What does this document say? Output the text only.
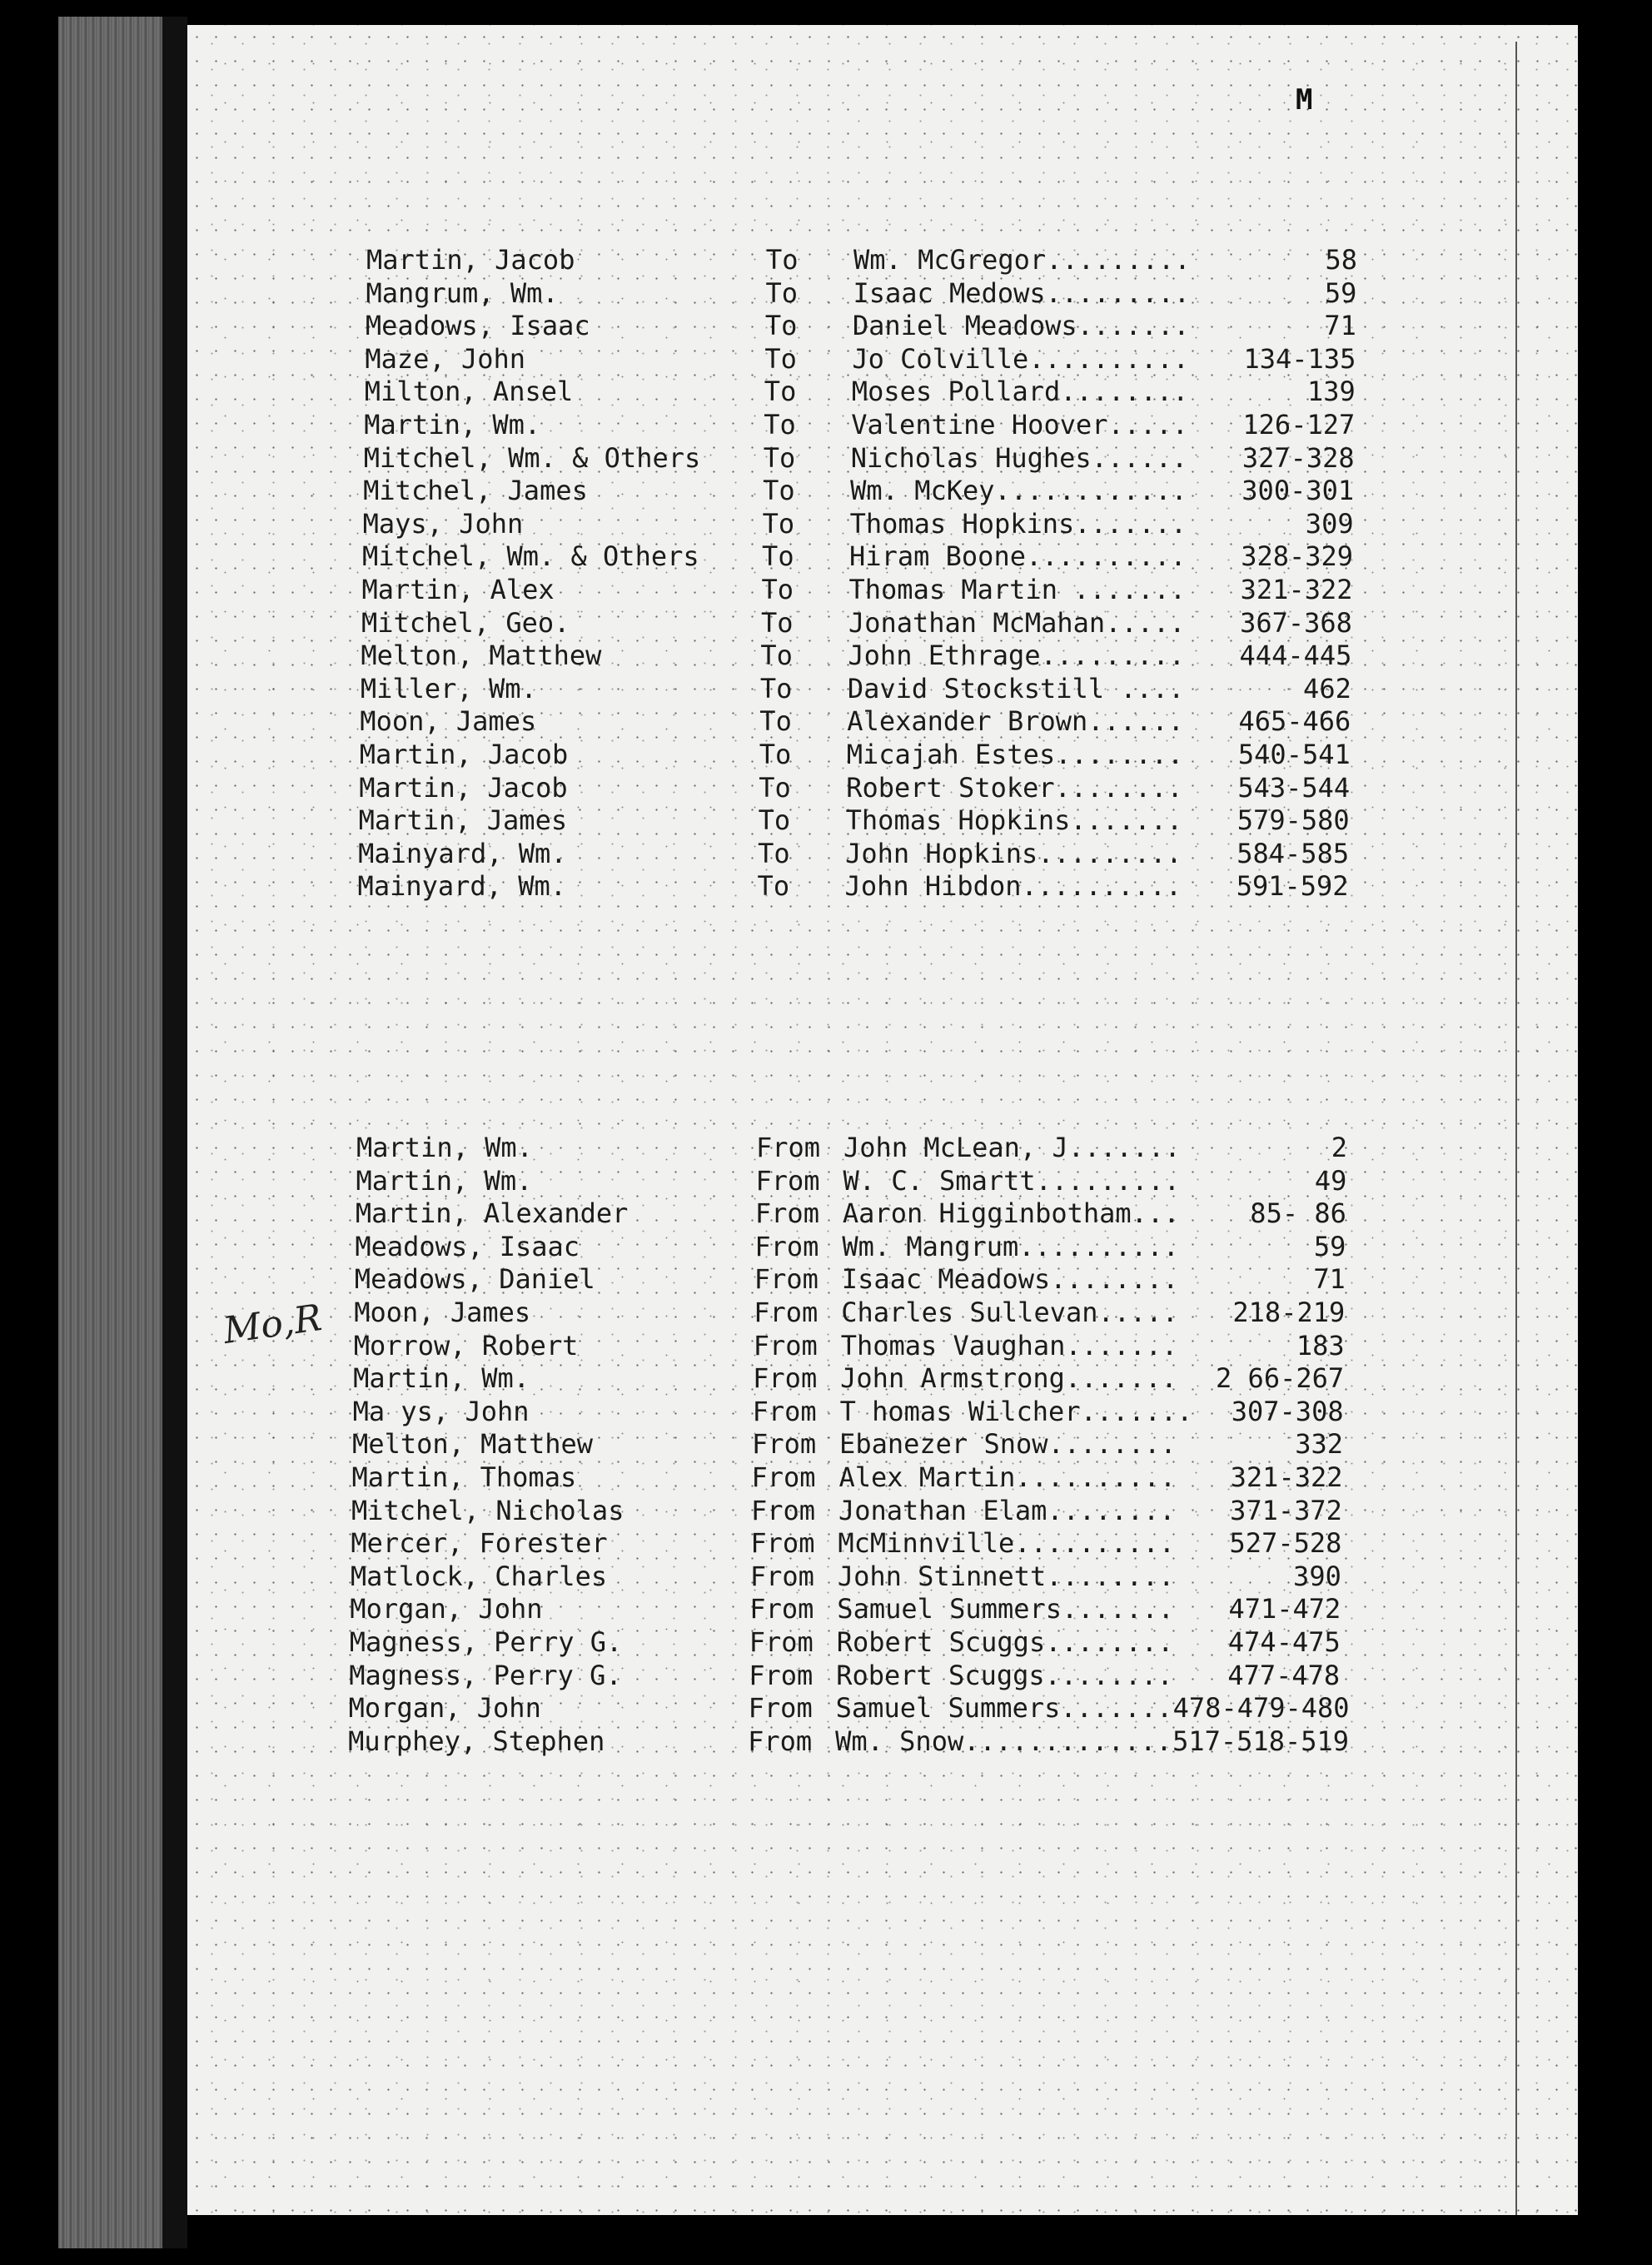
M
Martin, Jacob	To Wm. McGregor.........	58
Mangrum, Wm.	To Isaac Medows.........	59
Meadows, Isaac	To Daniel Meadows.......	71
Maze, John	To Jo Colville..........	134-135
Milton, Ansel	To Moses Pollard........	139
Martin, Wm.	To Valentine Hoover.....	126-127
Mitchel, Wm. & Others To Nicholas Hughes......	327-328
Mitchel, James	To Wm. McKey............	300-301
Mays, John	To Thomas Hopkins.......	309
Mitchel, Wm. & Others To Hiram Boone..........	328-329
Martin, Alex	To Thomas Martin .......	321-322
Mitchel, Geo.	To Jonathan McMahan.....	367-368
Melton, Matthew	To John Ethrage.........	444-445
Miller, Wm.	To David Stockstill ....	462
Moon, James	To Alexander Brown......	465-466
Martin, Jacob	To Micajah Estes........	540-541
Martin, Jacob	To Robert Stoker........	543-544
Martin, James	To Thomas Hopkins.......	579-580
Mainyard, Wm.	To John Hopkins.........	584-585
Mainyard, Wm.	To John Hibdon..........	591-592
Martin, Wm.	From John McLean, J.......	2
Martin, Wm.	From W. C. Smartt.........	49
Martin, Alexander	From Aaron Higginbotham...	85- 86
Meadows, Isaac	From Wm. Mangrum..........	59
Meadows, Daniel	From Isaac Meadows........	71
Moon, James	From Charles Sullevan.....	218-219
Morrow, Robert	From Thomas Vaughan.......	183
Martin, Wm.	From John Armstrong.......	2 66-267
Ma ys, John	From T homas Wilcher.......	307-308
Melton, Matthew	From Ebanezer Snow........	332
Martin, Thomas	From Alex Martin..........	321-322
Mitchel, Nicholas	From Jonathan Elam........	371-372
Mercer, Forester	From McMinnville..........	527-528
Matlock, Charles	From John Stinnett........	390
Morgan, John	From Samuel Summers.......	471-472
Magness, Perry G.	From Robert Scuggs........	474-475
Magness, Perry G.	From Robert Scuggs........	477-478
Morgan, John	From Samuel Summers....... 478-479-480
Murphey, Stephen	From Wm. Snow............. 517-518-519
Mo,R
